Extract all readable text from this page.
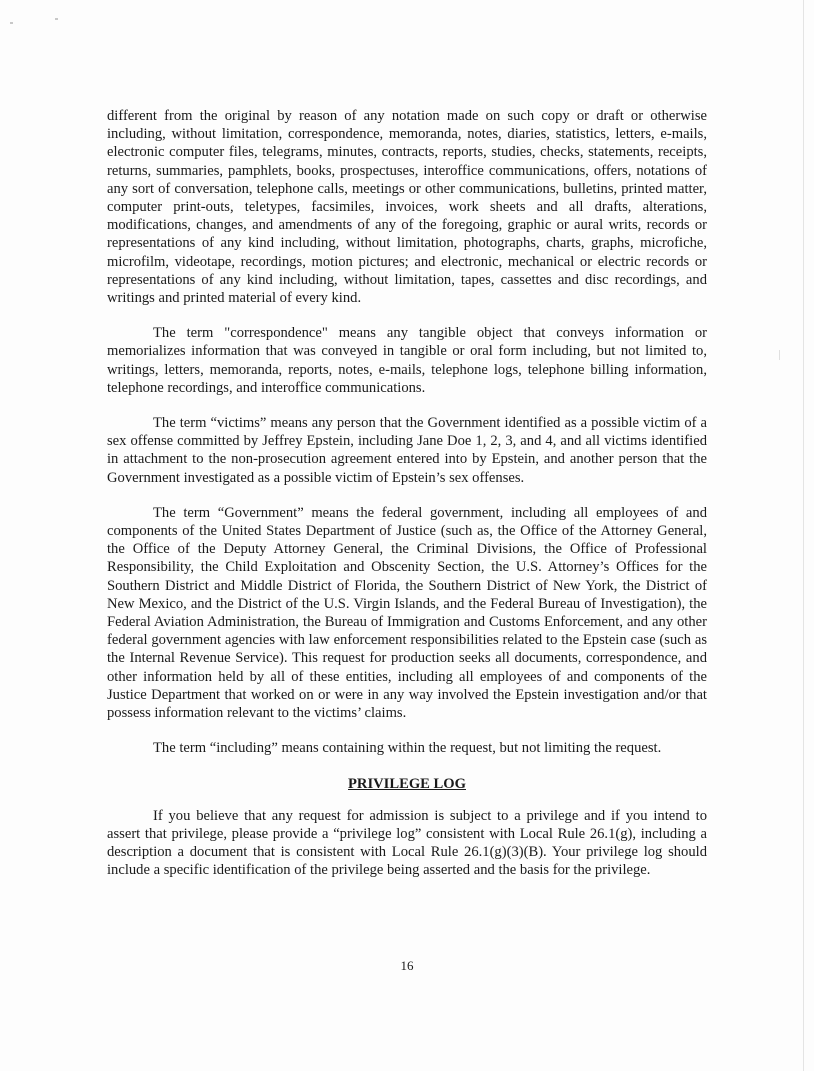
different from the original by reason of any notation made on such copy or draft or otherwise including, without limitation, correspondence, memoranda, notes, diaries, statistics, letters, e-mails, electronic computer files, telegrams, minutes, contracts, reports, studies, checks, statements, receipts, returns, summaries, pamphlets, books, prospectuses, interoffice communications, offers, notations of any sort of conversation, telephone calls, meetings or other communications, bulletins, printed matter, computer print-outs, teletypes, facsimiles, invoices, work sheets and all drafts, alterations, modifications, changes, and amendments of any of the foregoing, graphic or aural writs, records or representations of any kind including, without limitation, photographs, charts, graphs, microfiche, microfilm, videotape, recordings, motion pictures; and electronic, mechanical or electric records or representations of any kind including, without limitation, tapes, cassettes and disc recordings, and writings and printed material of every kind.

The term "correspondence" means any tangible object that conveys information or memorializes information that was conveyed in tangible or oral form including, but not limited to, writings, letters, memoranda, reports, notes, e-mails, telephone logs, telephone billing information, telephone recordings, and interoffice communications.

The term “victims” means any person that the Government identified as a possible victim of a sex offense committed by Jeffrey Epstein, including Jane Doe 1, 2, 3, and 4, and all victims identified in attachment to the non-prosecution agreement entered into by Epstein, and another person that the Government investigated as a possible victim of Epstein’s sex offenses.

The term “Government” means the federal government, including all employees of and components of the United States Department of Justice (such as, the Office of the Attorney General, the Office of the Deputy Attorney General, the Criminal Divisions, the Office of Professional Responsibility, the Child Exploitation and Obscenity Section, the U.S. Attorney’s Offices for the Southern District and Middle District of Florida, the Southern District of New York, the District of New Mexico, and the District of the U.S. Virgin Islands, and the Federal Bureau of Investigation), the Federal Aviation Administration, the Bureau of Immigration and Customs Enforcement, and any other federal government agencies with law enforcement responsibilities related to the Epstein case (such as the Internal Revenue Service). This request for production seeks all documents, correspondence, and other information held by all of these entities, including all employees of and components of the Justice Department that worked on or were in any way involved the Epstein investigation and/or that possess information relevant to the victims’ claims.

The term “including” means containing within the request, but not limiting the request.

PRIVILEGE LOG

If you believe that any request for admission is subject to a privilege and if you intend to assert that privilege, please provide a “privilege log” consistent with Local Rule 26.1(g), including a description a document that is consistent with Local Rule 26.1(g)(3)(B). Your privilege log should include a specific identification of the privilege being asserted and the basis for the privilege.

16
